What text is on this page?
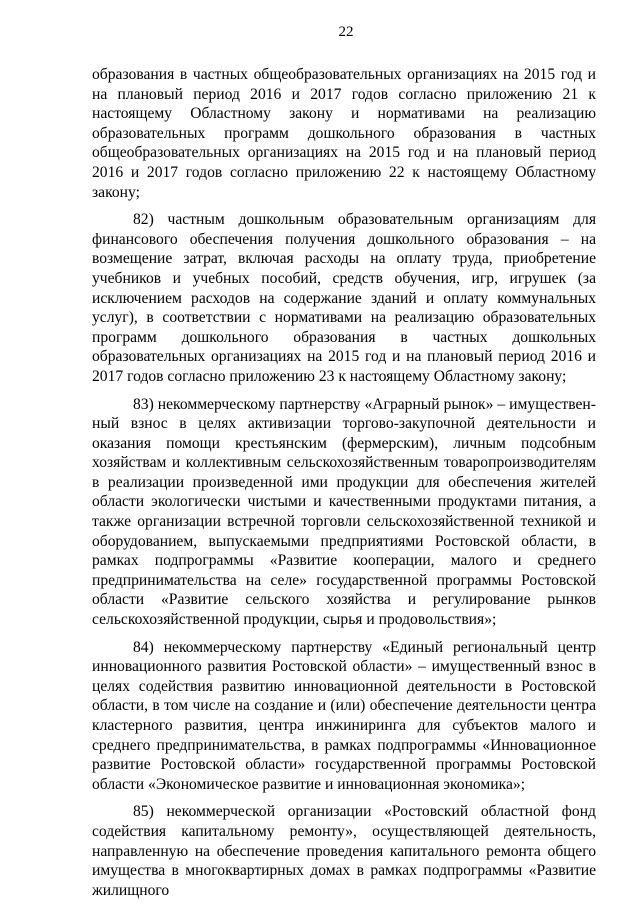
22

образования в частных общеобразовательных организациях на 2015 год и на плановый период 2016 и 2017 годов согласно приложению 21 к настоящему Областному закону и нормативами на реализацию образовательных программ дошкольного образования в частных общеобразовательных организациях на 2015 год и на плановый период 2016 и 2017 годов согласно приложению 22 к настоящему Областному закону;

82) частным дошкольным образовательным организациям для финансового обеспечения получения дошкольного образования – на возмещение затрат, включая расходы на оплату труда, приобретение учебников и учебных пособий, средств обучения, игр, игрушек (за исключением расходов на содержание зданий и оплату коммунальных услуг), в соответствии с нормативами на реализацию образовательных программ дошкольного образования в частных дошкольных образовательных организациях на 2015 год и на плановый период 2016 и 2017 годов согласно приложению 23 к настоящему Областному закону;

83) некоммерческому партнерству «Аграрный рынок» – имущественный взнос в целях активизации торгово-закупочной деятельности и оказания помощи крестьянским (фермерским), личным подсобным хозяйствам и коллективным сельскохозяйственным товаропроизводителям в реализации произведенной ими продукции для обеспечения жителей области экологически чистыми и качественными продуктами питания, а также организации встречной торговли сельскохозяйственной техникой и оборудованием, выпускаемыми предприятиями Ростовской области, в рамках подпрограммы «Развитие кооперации, малого и среднего предпринимательства на селе» государственной программы Ростовской области «Развитие сельского хозяйства и регулирование рынков сельскохозяйственной продукции, сырья и продовольствия»;

84) некоммерческому партнерству «Единый региональный центр инновационного развития Ростовской области» – имущественный взнос в целях содействия развитию инновационной деятельности в Ростовской области, в том числе на создание и (или) обеспечение деятельности центра кластерного развития, центра инжиниринга для субъектов малого и среднего предпринимательства, в рамках подпрограммы «Инновационное развитие Ростовской области» государственной программы Ростовской области «Экономическое развитие и инновационная экономика»;

85) некоммерческой организации «Ростовский областной фонд содействия капитальному ремонту», осуществляющей деятельность, направленную на обеспечение проведения капитального ремонта общего имущества в многоквартирных домах в рамках подпрограммы «Развитие жилищного
